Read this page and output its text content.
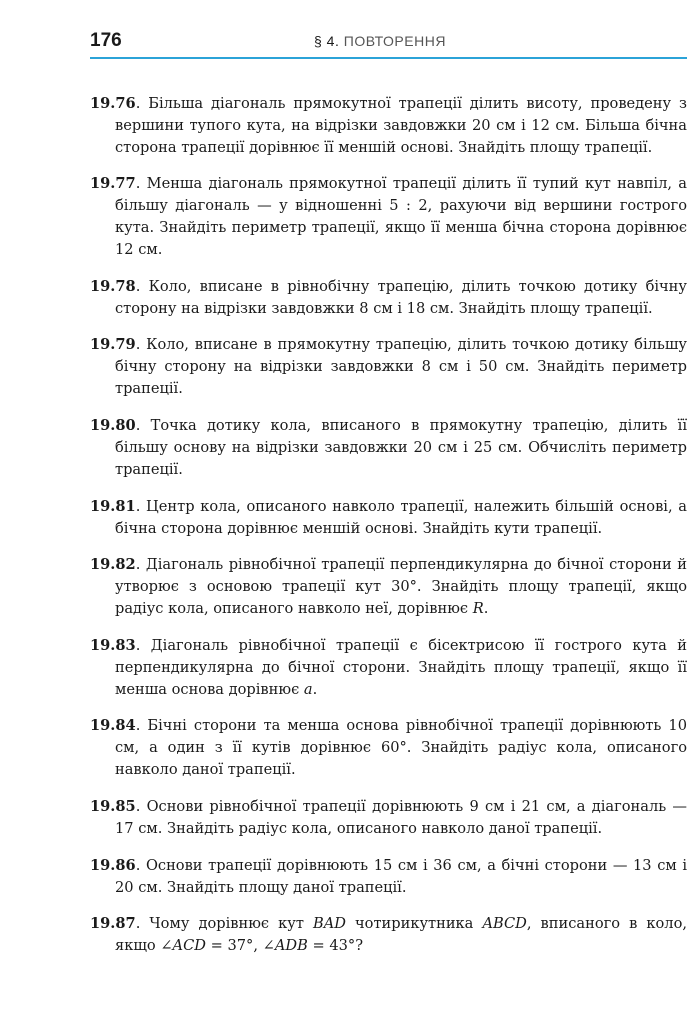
176	§ 4. ПОВТОРЕННЯ

19.76. Більша діагональ прямокутної трапеції ділить висоту, проведену з вершини тупого кута, на відрізки завдовжки 20 см і 12 см. Більша бічна сторона трапеції дорівнює її меншій основі. Знайдіть площу трапеції.

19.77. Менша діагональ прямокутної трапеції ділить її тупий кут навпіл, а більшу діагональ — у відношенні 5 : 2, рахуючи від вершини гострого кута. Знайдіть периметр трапеції, якщо її менша бічна сторона дорівнює 12 см.

19.78. Коло, вписане в рівнобічну трапецію, ділить точкою дотику бічну сторону на відрізки завдовжки 8 см і 18 см. Знайдіть площу трапеції.

19.79. Коло, вписане в прямокутну трапецію, ділить точкою дотику більшу бічну сторону на відрізки завдовжки 8 см і 50 см. Знайдіть периметр трапеції.

19.80. Точка дотику кола, вписаного в прямокутну трапецію, ділить її більшу основу на відрізки завдовжки 20 см і 25 см. Обчисліть периметр трапеції.

19.81. Центр кола, описаного навколо трапеції, належить більшій основі, а бічна сторона дорівнює меншій основі. Знайдіть кути трапеції.

19.82. Діагональ рівнобічної трапеції перпендикулярна до бічної сторони й утворює з основою трапеції кут 30°. Знайдіть площу трапеції, якщо радіус кола, описаного навколо неї, дорівнює R.

19.83. Діагональ рівнобічної трапеції є бісектрисою її гострого кута й перпендикулярна до бічної сторони. Знайдіть площу трапеції, якщо її менша основа дорівнює a.

19.84. Бічні сторони та менша основа рівнобічної трапеції дорівнюють 10 см, а один з її кутів дорівнює 60°. Знайдіть радіус кола, описаного навколо даної трапеції.

19.85. Основи рівнобічної трапеції дорівнюють 9 см і 21 см, а діагональ — 17 см. Знайдіть радіус кола, описаного навколо даної трапеції.

19.86. Основи трапеції дорівнюють 15 см і 36 см, а бічні сторони — 13 см і 20 см. Знайдіть площу даної трапеції.

19.87. Чому дорівнює кут BAD чотирикутника ABCD, вписаного в коло, якщо ∠ACD = 37°, ∠ADB = 43°?
